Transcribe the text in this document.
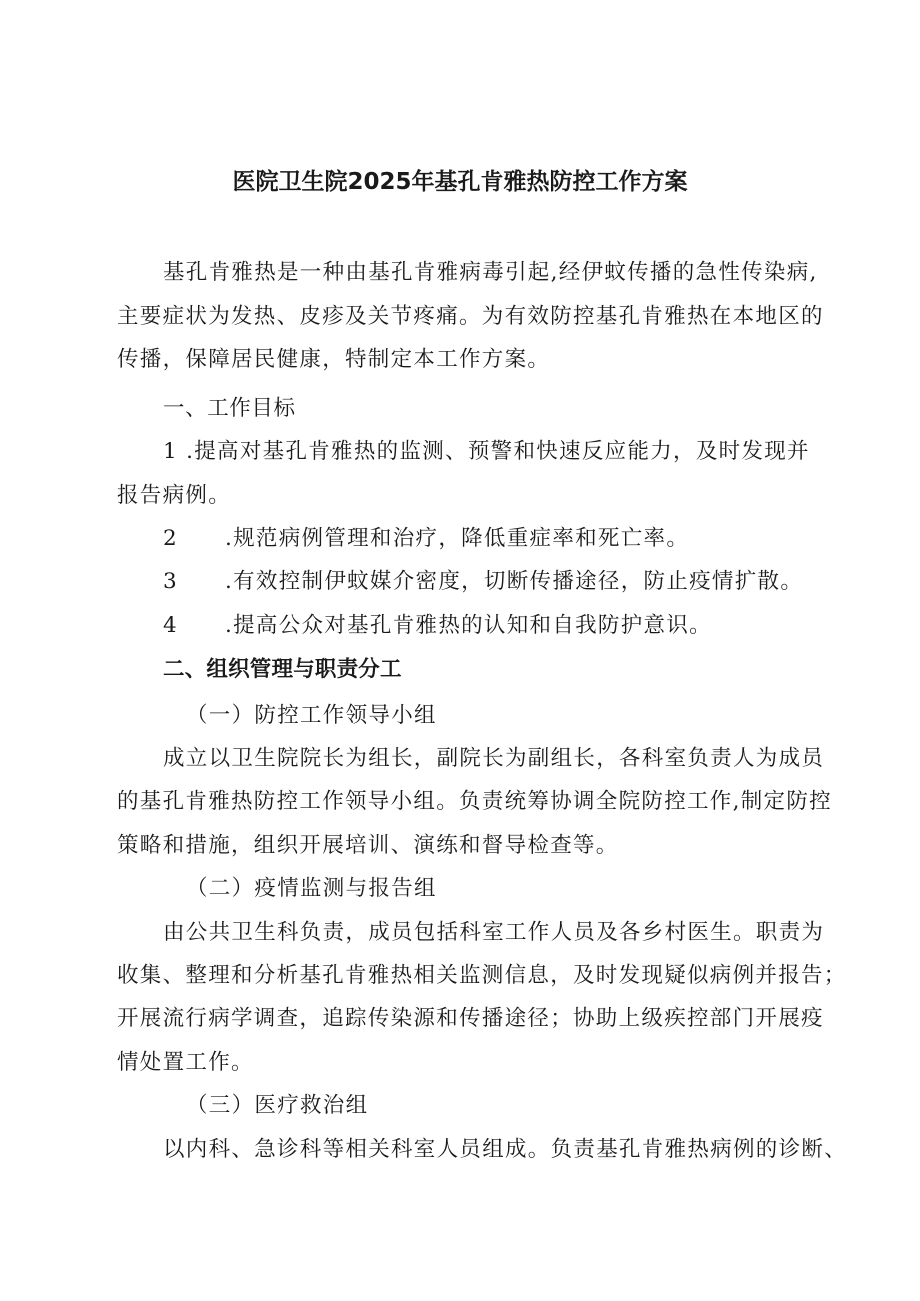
医院卫生院2025年基孔肯雅热防控工作方案
基孔肯雅热是一种由基孔肯雅病毒引起,经伊蚊传播的急性传染病,
主要症状为发热、皮疹及关节疼痛。为有效防控基孔肯雅热在本地区的
传播，保障居民健康，特制定本工作方案。
一、工作目标
1 .提高对基孔肯雅热的监测、预警和快速反应能力，及时发现并
报告病例。
2 .规范病例管理和治疗，降低重症率和死亡率。
3 .有效控制伊蚊媒介密度，切断传播途径，防止疫情扩散。
4 .提高公众对基孔肯雅热的认知和自我防护意识。
二、组织管理与职责分工
（一）防控工作领导小组
成立以卫生院院长为组长，副院长为副组长，各科室负责人为成员
的基孔肯雅热防控工作领导小组。负责统筹协调全院防控工作,制定防控
策略和措施，组织开展培训、演练和督导检查等。
（二）疫情监测与报告组
由公共卫生科负责，成员包括科室工作人员及各乡村医生。职责为
收集、整理和分析基孔肯雅热相关监测信息，及时发现疑似病例并报告；
开展流行病学调查，追踪传染源和传播途径；协助上级疾控部门开展疫
情处置工作。
（三）医疗救治组
以内科、急诊科等相关科室人员组成。负责基孔肯雅热病例的诊断、
